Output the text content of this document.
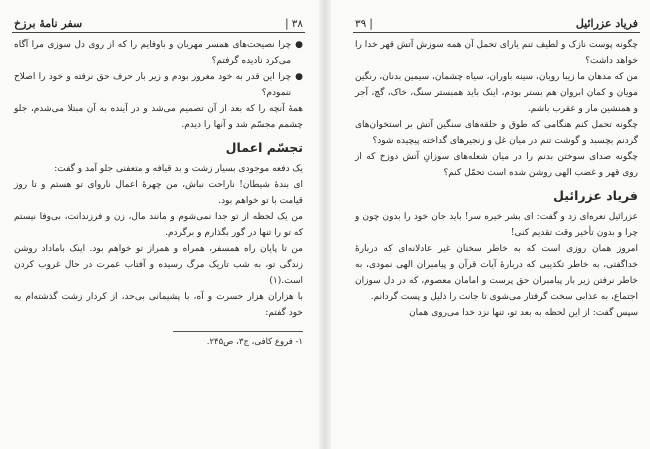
۳۸|
سفر نامهٔ برزخ
●
چرا نصیحت‌های همسر مهربان و باوفایم را که از روی دل سوزی مرا آگاه می‌کرد نادیده گرفتم؟
●
چرا این قدر به خود مغرور بودم و زیر بار حرف حق نرفته و خود را اصلاح ننمودم؟

همهٔ آنچه را که بعد از آن تصمیم می‌شد و در آینده به آن مبتلا می‌شدم، جلو چشمم مجسّم شد و آنها را دیدم.

تجسّم اعمال

یک دفعه موجودی بسیار زشت و بد قیافه و متعفنی جلو آمد و گفت:

ای بندهٔ شیطان! ناراحت نباش، من چهرهٔ اعمال ناروای تو هستم و تا روز قیامت با تو خواهم بود.

من یک لحظه از تو جدا نمی‌شوم و مانند مال، زن و فرزندانت، بی‌وفا نیستم که تو را تنها در گور بگذارم و برگردم.

من تا پایان راه همسفر، همراه و همراز تو خواهم بود. اینک باماداد روشن زندگی تو، به شب تاریک مرگ رسیده و آفتاب عمرت در حال غروب کردن است.(۱)

با هزاران هزار حسرت و آه، با پشیمانی بی‌حد، از کردار زشت گذشته‌ام به خود گفتم:

۱- فروع کافی، ج۳، ص۲۴۵.
فریاد عزرائیل
|۳۹

چگونه پوست نازک و لطیف تنم یارای تحمل آن همه سوزش آتش قهر خدا را خواهد داشت؟

من که مدهان ما زیبا رویان، سینه باوران، سیاه چشمان، سیمین بدنان، رنگین مویان و کمان ابروان هم بستر بودم، اینک باید همبستر سنگ، خاک، گچ، آجر و همنشین مار و عقرب باشم.

چگونه تحمل کنم هنگامی که طوق و حلقه‌های سنگین آتش بر استخوان‌های گردنم بچسبد و گوشت تنم در میان غل و زنجیرهای گداخته پیچیده شود؟

چگونه صدای سوختن بدنم را در میان شعله‌های سوزانِ آتش دوزخ که از روی قهر و غضب الهی روشن شده است تحمّل کنم؟

فریاد عزرائیل

عزرائیل نعره‌ای زد و گفت: ای بشر خیره سر! باید جان خود را بدون چون و چرا و بدون تأخیر وقت تقدیم کنی!

امروز همان روزی است که به خاطر سخنان غیر عادلانه‌ای که دربارهٔ خداگفتی، به خاطر تکذیبی که دربارهٔ آیات قرآن و پیامبران الهی نمودی، به خاطر نرفتن زیر بار پیامبران حق پرست و امامان معصوم، که در دل سوزان اجتماع، به عذابی سخت گرفتار می‌شوی تا جانت را ذلیل و پست گردانم.

سپس گفت: از این لحظه به بعد تو، تنها نزد خدا می‌روی همان
